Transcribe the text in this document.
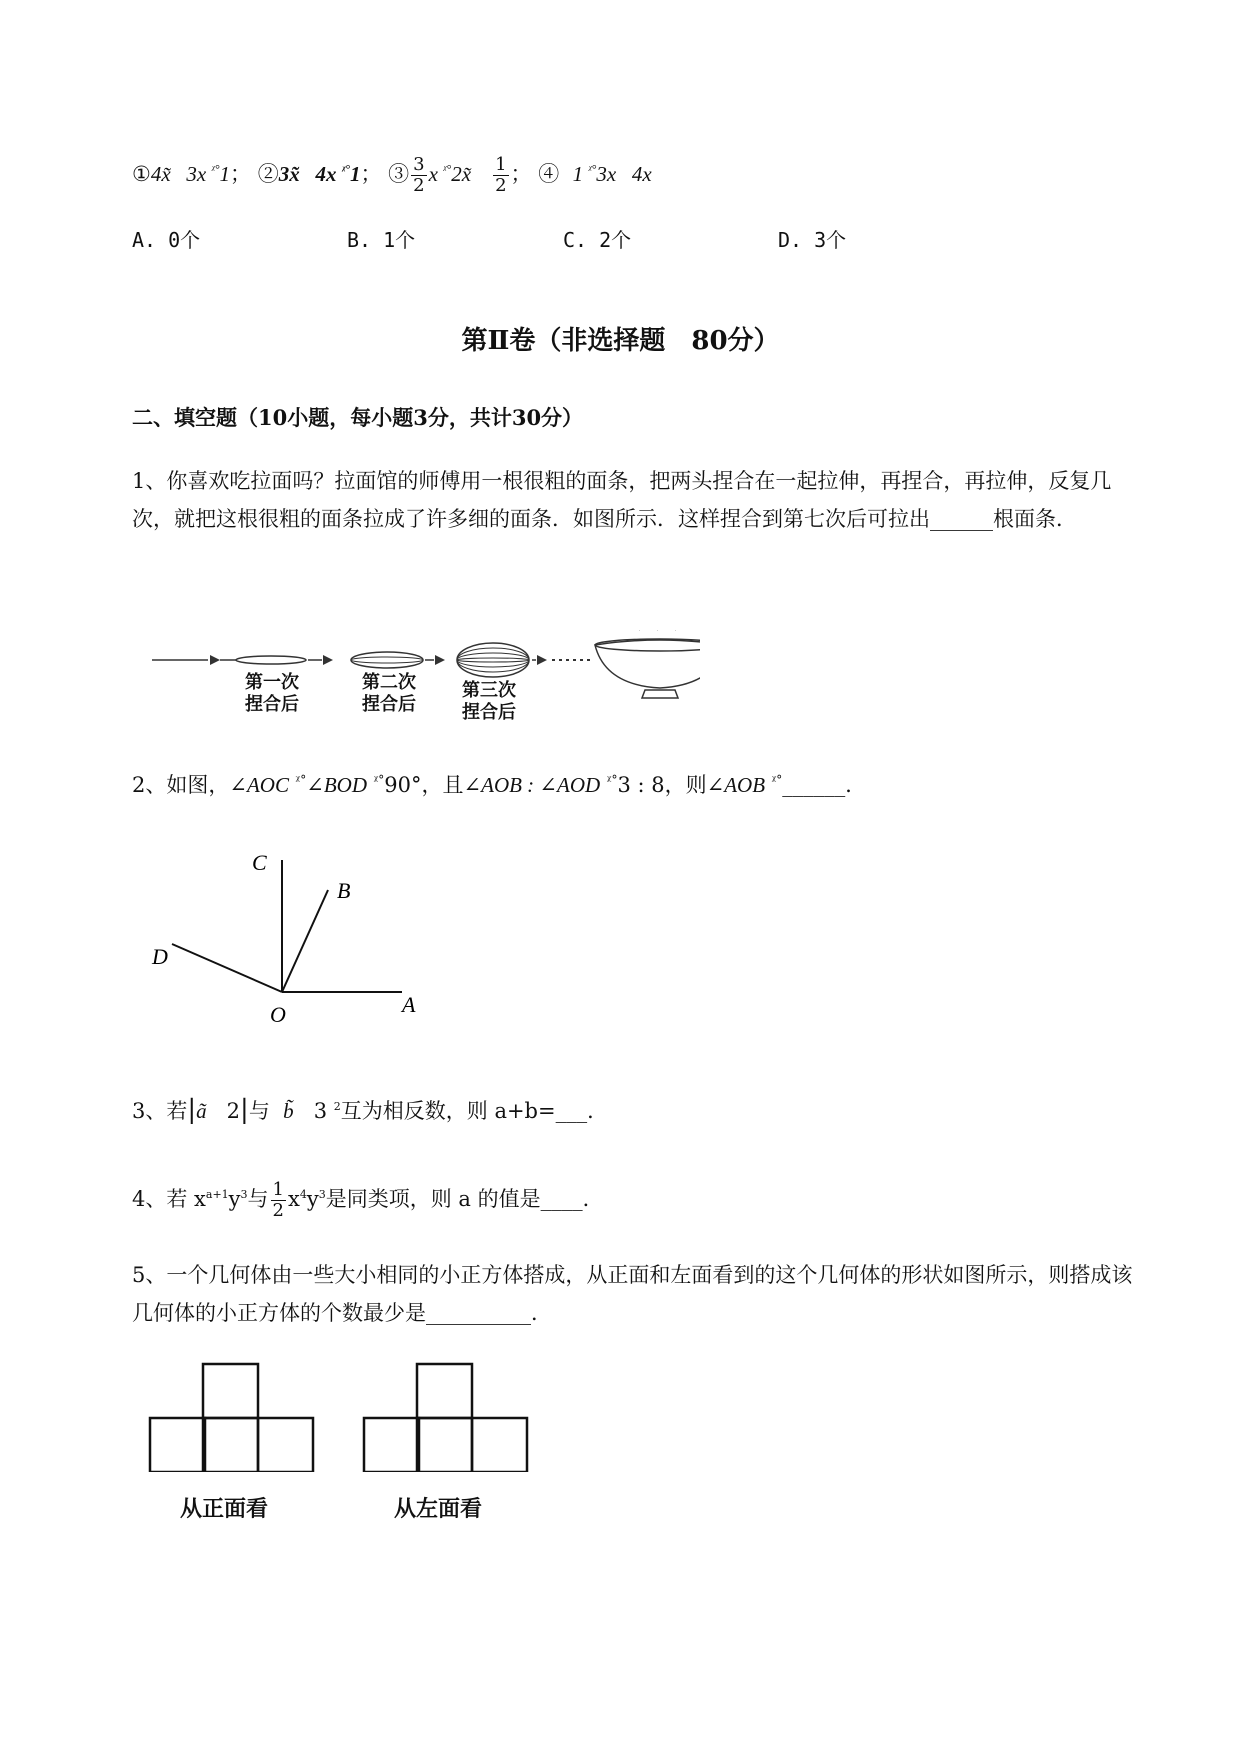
①4x̃ 3x $^{ᵡ^\circ}$1； ②3x̃ 4x $^{ᵡ^\circ}$1； ③ $\frac{3}{2}$ x $^{ᵡ^\circ}$2x̃ $\frac{1}{2}$ ； ④ 1 $^{ᵡ^\circ}$3x 4x
A. 0个	B. 1个	C. 2个	D. 3个
第Ⅱ卷（非选择题　80分）
二、填空题（10小题，每小题3分，共计30分）
1、你喜欢吃拉面吗？拉面馆的师傅用一根很粗的面条，把两头捏合在一起拉伸，再捏合，再拉伸，反复几次，就把这根很粗的面条拉成了许多细的面条．如图所示．这样捏合到第七次后可拉出______根面条．
第一次
捏合后
第二次
捏合后
第三次
捏合后
2、如图，∠AOC $^{ᵡ^\circ}$∠BOD $^{ᵡ^\circ}$90°，且∠AOB : ∠AOD $^{ᵡ^\circ}$3 : 8，则∠AOB $^{ᵡ^\circ}$______．
C
B
D
O	A
3、若|ã 2|与 b̃ 3 $^2$互为相反数，则 a+b=___．
4、若 $x^{a+1}y^3$与 $\frac{1}{2} x^4y^3$是同类项，则 a 的值是____．
5、一个几何体由一些大小相同的小正方体搭成，从正面和左面看到的这个几何体的形状如图所示，则搭成该几何体的小正方体的个数最少是__________．
从正面看	从左面看
